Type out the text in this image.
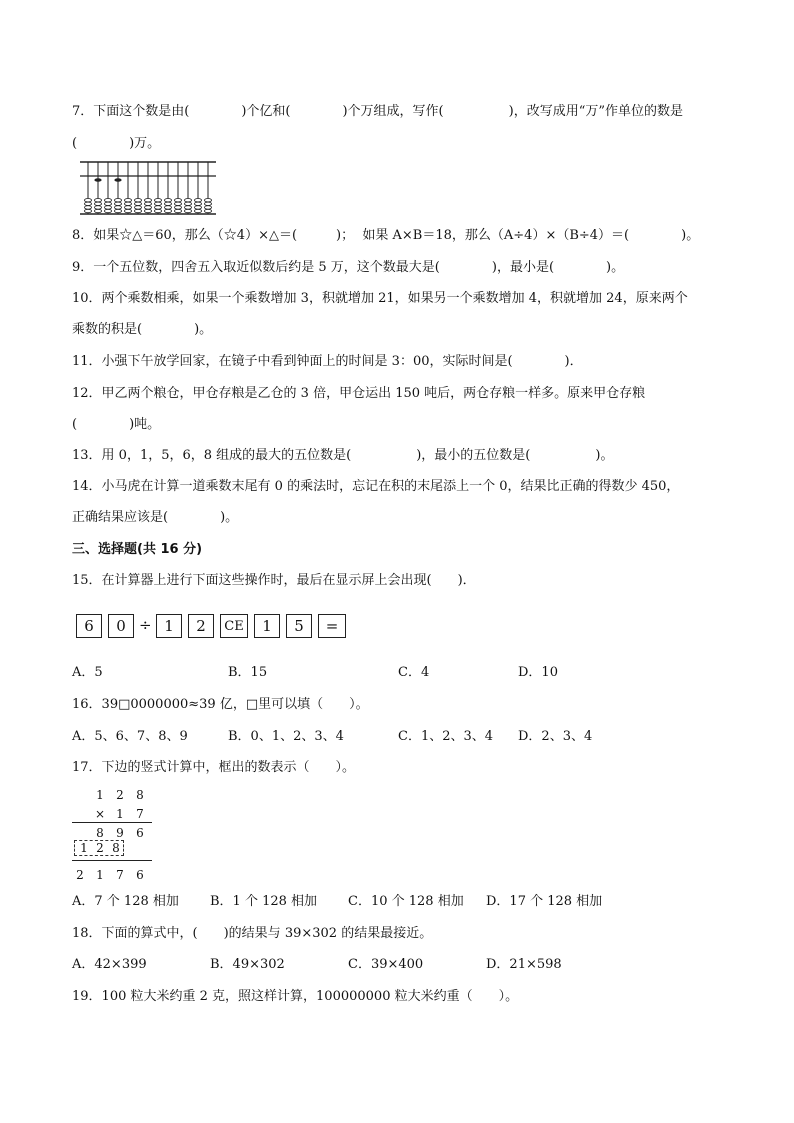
7．下面这个数是由(　　　　)个亿和(　　　　)个万组成，写作(　　　　　)，改写成用“万”作单位的数是
(　　　　)万。
8．如果☆△＝60，那么（☆4）×△＝(　　　)；  如果 A×B＝18，那么（A÷4）×（B÷4）＝(　　　　)。
9．一个五位数，四舍五入取近似数后约是 5 万，这个数最大是(　　　　)，最小是(　　　　)。
10．两个乘数相乘，如果一个乘数增加 3，积就增加 21，如果另一个乘数增加 4，积就增加 24，原来两个
乘数的积是(　　　　)。
11．小强下午放学回家，在镜子中看到钟面上的时间是 3：00，实际时间是(　　　　)．
12．甲乙两个粮仓，甲仓存粮是乙仓的 3 倍，甲仓运出 150 吨后，两仓存粮一样多。原来甲仓存粮
(　　　　)吨。
13．用 0，1，5，6，8 组成的最大的五位数是(　　　　　)，最小的五位数是(　　　　　)。
14．小马虎在计算一道乘数末尾有 0 的乘法时，忘记在积的末尾添上一个 0，结果比正确的得数少 450，
正确结果应该是(　　　　)。
三、选择题(共 16 分)
15．在计算器上进行下面这些操作时，最后在显示屏上会出现(　　)．
6	0 ÷ 1	2	CE	1	5	=
A．5	B．15	C．4	D．10
16．39□0000000≈39 亿，□里可以填（　　）。
A．5、6、7、8、9	B．0、1、2、3、4	C．1、2、3、4 D．2、3、4
17．下边的竖式计算中，框出的数表示（　　）。
1	2	8
× 1	7
8	9	6
1 2 8
2	1	7	6
A．7 个 128 相加 B．1 个 128 相加 C．10 个 128 相加 D．17 个 128 相加
18．下面的算式中，(　　)的结果与 39×302 的结果最接近。
A．42×399	B．49×302	C．39×400	D．21×598
19．100 粒大米约重 2 克，照这样计算，100000000 粒大米约重（　　）。
